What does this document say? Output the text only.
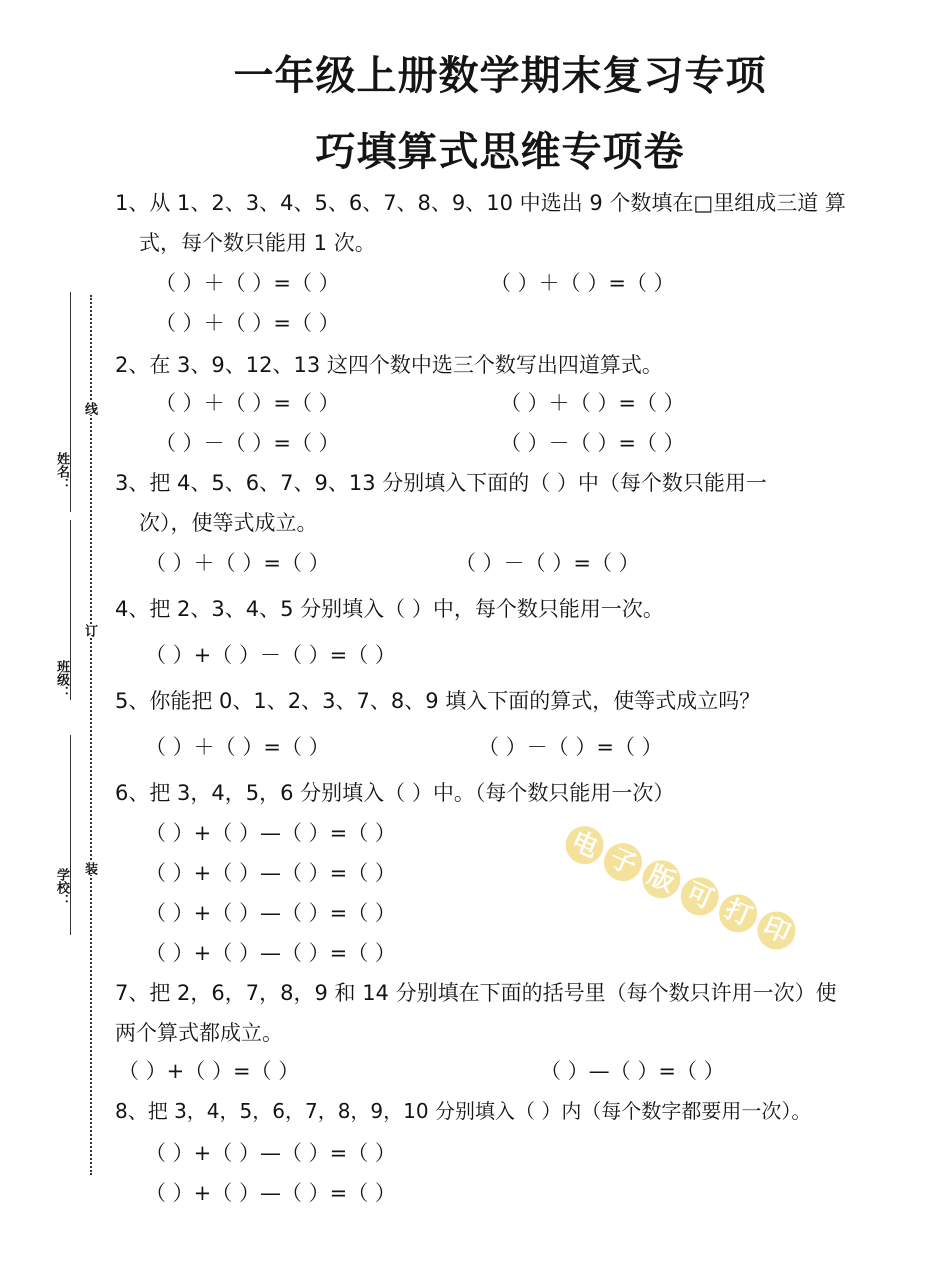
一年级上册数学期末复习专项
巧填算式思维专项卷
姓名：
班级：
学校：
线
订
装
1、从 1、2、3、4、5、6、7、8、9、10 中选出 9 个数填在□里组成三道 算
式，每个数只能用 1 次。
（ ）＋（ ）=（ ）	（ ）＋（ ）=（ ）
（ ）＋（ ）=（ ）
2、在 3、9、12、13 这四个数中选三个数写出四道算式。
（ ）＋（ ）=（ ）	（ ）＋（ ）=（ ）
（ ）－（ ）=（ ）	（ ）－（ ）=（ ）
3、把 4、5、6、7、9、13 分别填入下面的（ ）中（每个数只能用一
次），使等式成立。
（ ）＋（ ）=（ ）	（ ）－（ ）=（ ）
4、把 2、3、4、5 分别填入（ ）中，每个数只能用一次。
（ ）+（ ）－（ ）=（ ）
5、你能把 0、1、2、3、7、8、9 填入下面的算式，使等式成立吗？
（ ）＋（ ）=（ ）	（ ）－（ ）=（ ）
6、把 3，4，5，6 分别填入（ ）中。（每个数只能用一次）
（ ）+（ ）—（ ）=（ ）
（ ）+（ ）—（ ）=（ ）
（ ）+（ ）—（ ）=（ ）
（ ）+（ ）—（ ）=（ ）
7、把 2，6，7，8，9 和 14 分别填在下面的括号里（每个数只许用一次）使
两个算式都成立。
（ ）+（ ）=（ ）	（ ）—（ ）=（ ）
8、把 3，4，5，6，7，8，9，10 分别填入（ ）内（每个数字都要用一次）。
（ ）+（ ）—（ ）=（ ）
（ ）+（ ）—（ ）=（ ）
电子版可打印
